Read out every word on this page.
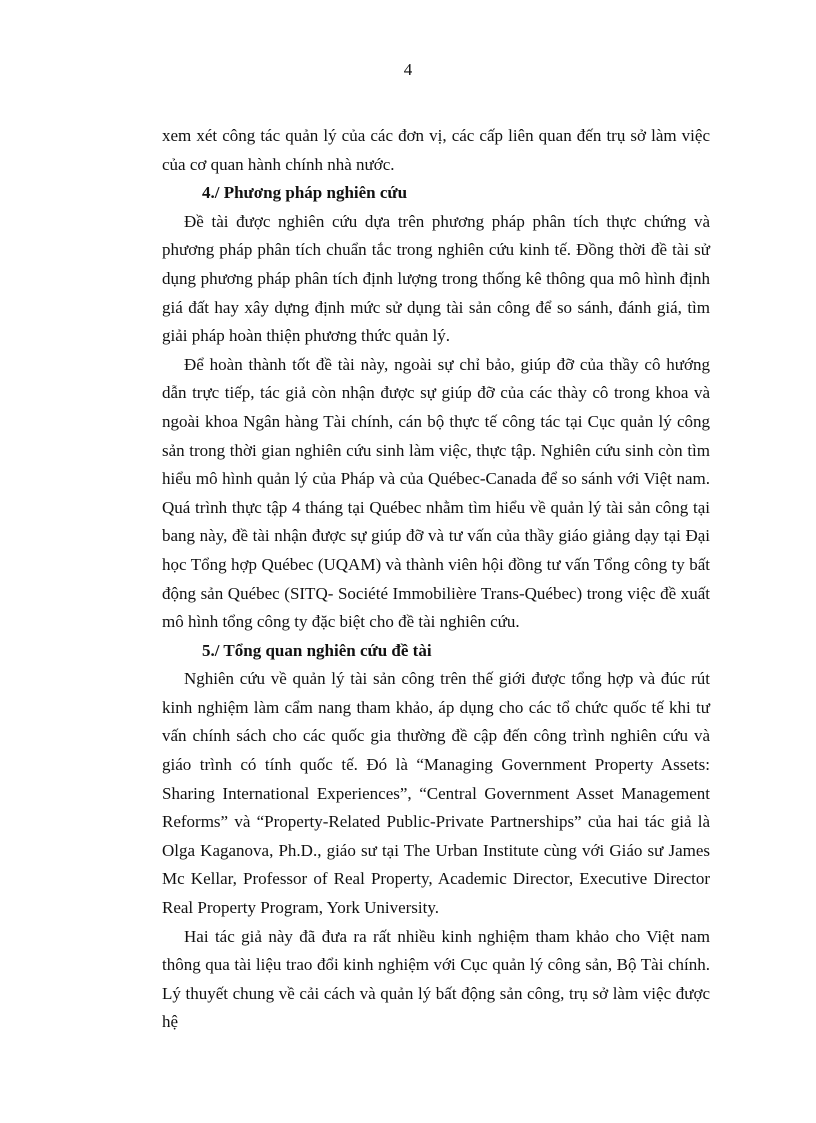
4

xem xét công tác quản lý của các đơn vị, các cấp liên quan đến trụ sở làm việc của cơ quan hành chính nhà nước.

4./ Phương pháp nghiên cứu

Đề tài được nghiên cứu dựa trên phương pháp phân tích thực chứng và phương pháp phân tích chuẩn tắc trong nghiên cứu kinh tế. Đồng thời đề tài sử dụng phương pháp phân tích định lượng trong thống kê thông qua mô hình định giá đất hay xây dựng định mức sử dụng tài sản công để so sánh, đánh giá, tìm giải pháp hoàn thiện phương thức quản lý.

Để hoàn thành tốt đề tài này, ngoài sự chỉ bảo, giúp đỡ của thầy cô hướng dẫn trực tiếp, tác giả còn nhận được sự giúp đỡ của các thày cô trong khoa và ngoài khoa Ngân hàng Tài chính, cán bộ thực tế công tác tại Cục quản lý công sản trong thời gian nghiên cứu sinh làm việc, thực tập. Nghiên cứu sinh còn tìm hiểu mô hình quản lý của Pháp và của Québec-Canada để so sánh với Việt nam. Quá trình thực tập 4 tháng tại Québec nhằm tìm hiểu về quản lý tài sản công tại bang này, đề tài nhận được sự giúp đỡ và tư vấn của thầy giáo giảng dạy tại Đại học Tổng hợp Québec (UQAM) và thành viên hội đồng tư vấn Tổng công ty bất động sản Québec (SITQ- Société Immobilière Trans-Québec) trong việc đề xuất mô hình tổng công ty đặc biệt cho đề tài nghiên cứu.

5./ Tổng quan nghiên cứu đề tài

Nghiên cứu về quản lý tài sản công trên thế giới được tổng hợp và đúc rút kinh nghiệm làm cẩm nang tham khảo, áp dụng cho các tổ chức quốc tế khi tư vấn chính sách cho các quốc gia thường đề cập đến công trình nghiên cứu và giáo trình có tính quốc tế. Đó là “Managing Government Property Assets: Sharing International Experiences”, “Central Government Asset Management Reforms” và “Property-Related Public-Private Partnerships” của hai tác giả là Olga Kaganova, Ph.D., giáo sư tại The Urban Institute cùng với Giáo sư James Mc Kellar, Professor of Real Property, Academic Director, Executive Director Real Property Program, York University.

Hai tác giả này đã đưa ra rất nhiều kinh nghiệm tham khảo cho Việt nam thông qua tài liệu trao đổi kinh nghiệm với Cục quản lý công sản, Bộ Tài chính. Lý thuyết chung về cải cách và quản lý bất động sản công, trụ sở làm việc được hệ
